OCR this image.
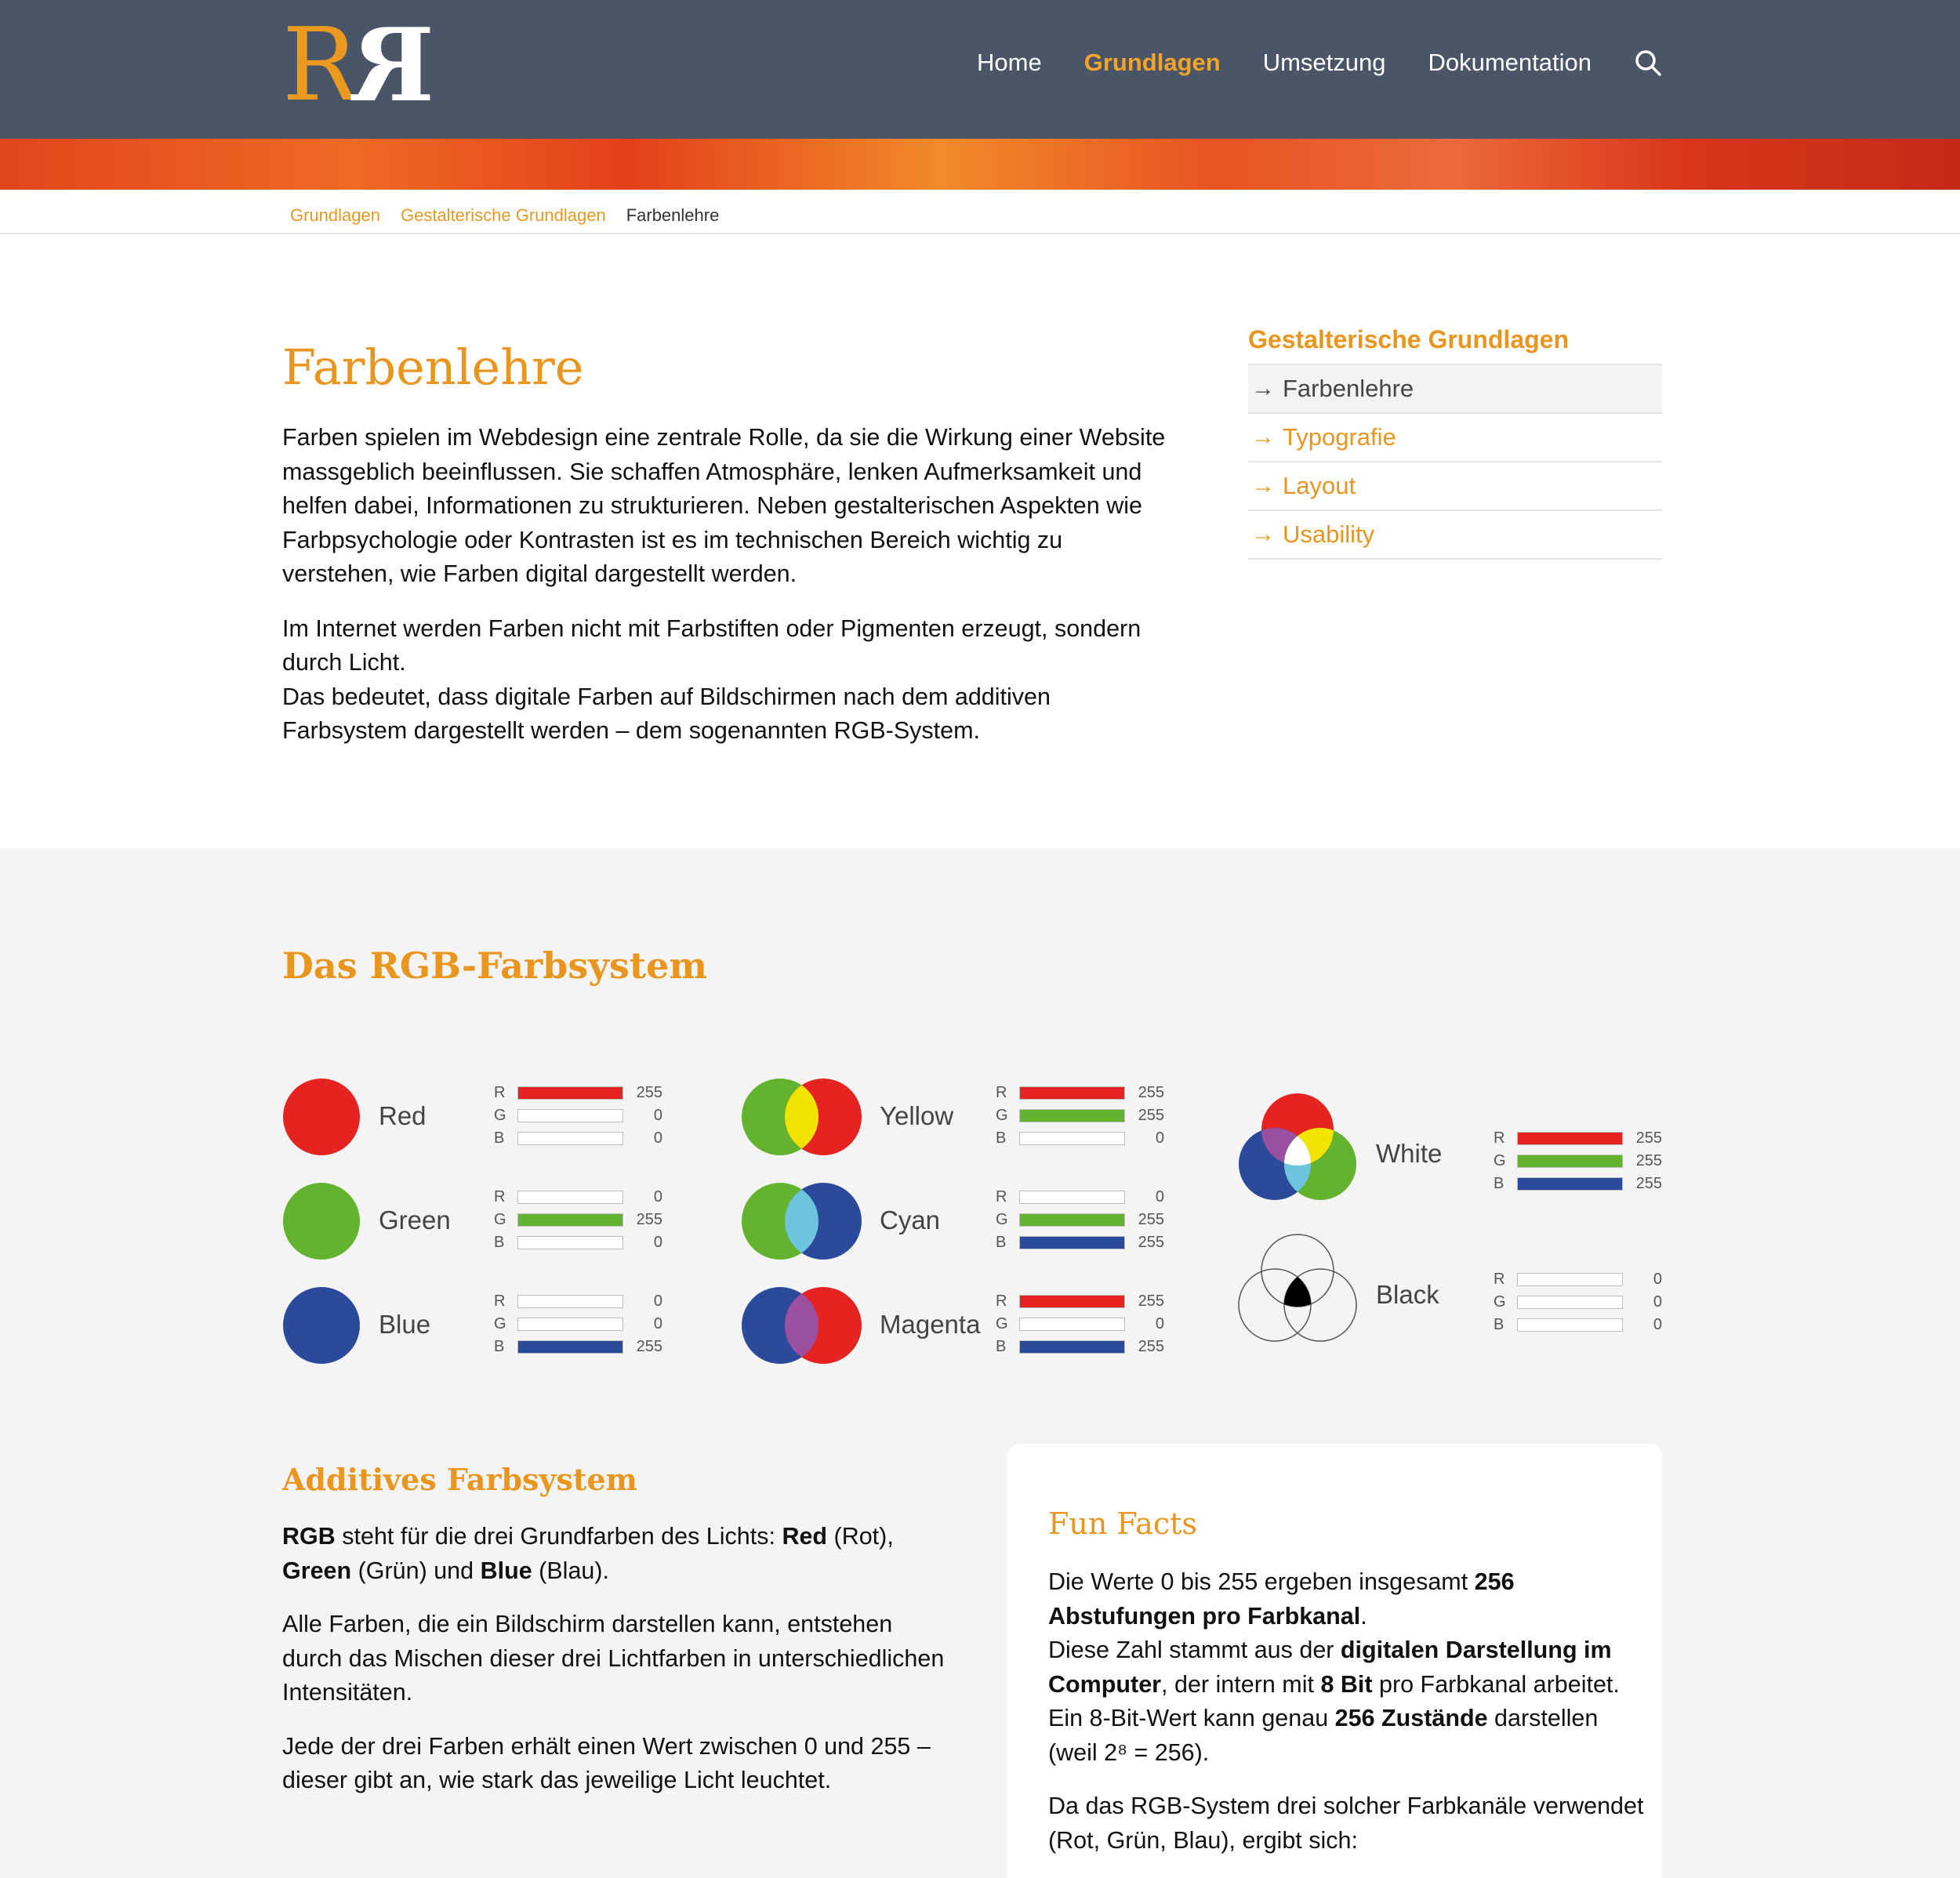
R
R	Home Grundlagen Umsetzung Dokumentation
Grundlagen Gestalterische Grundlagen Farbenlehre
Farbenlehre

Farben spielen im Webdesign eine zentrale Rolle, da sie die Wirkung einer Website massgeblich beeinflussen. Sie schaffen Atmosphäre, lenken Aufmerksamkeit und helfen dabei, Informationen zu strukturieren. Neben gestalterischen Aspekten wie Farbpsychologie oder Kontrasten ist es im technischen Bereich wichtig zu verstehen, wie Farben digital dargestellt werden.

Im Internet werden Farben nicht mit Farbstiften oder Pigmenten erzeugt, sondern durch Licht.
Das bedeutet, dass digitale Farben auf Bildschirmen nach dem additiven Farbsystem dargestellt werden – dem sogenannten RGB-System.

Gestalterische Grundlagen
→ Farbenlehre
→ Typografie
→ Layout
→ Usability
Das RGB-Farbsystem
Red
R	255
G	0
B	0
Green
R	0
G	255
B	0
Blue
R	0
G	0
B	255
Yellow
R	255
G	255
B	0
Cyan
R	0
G	255
B	255
Magenta
R	255
G	0
B	255
White
R	255
G	255
B	255
Black
R	0
G	0
B	0
Additives Farbsystem

RGB steht für die drei Grundfarben des Lichts: Red (Rot),
Green (Grün) und Blue (Blau).

Alle Farben, die ein Bildschirm darstellen kann, entstehen durch das Mischen dieser drei Lichtfarben in unterschiedlichen Intensitäten.

Jede der drei Farben erhält einen Wert zwischen 0 und 255 – dieser gibt an, wie stark das jeweilige Licht leuchtet.

Fun Facts

Die Werte 0 bis 255 ergeben insgesamt 256 Abstufungen pro Farbkanal.
Diese Zahl stammt aus der digitalen Darstellung im Computer, der intern mit 8 Bit pro Farbkanal arbeitet.
Ein 8-Bit-Wert kann genau 256 Zustände darstellen
(weil 2⁸ = 256).

Da das RGB-System drei solcher Farbkanäle verwendet (Rot, Grün, Blau), ergibt sich:
